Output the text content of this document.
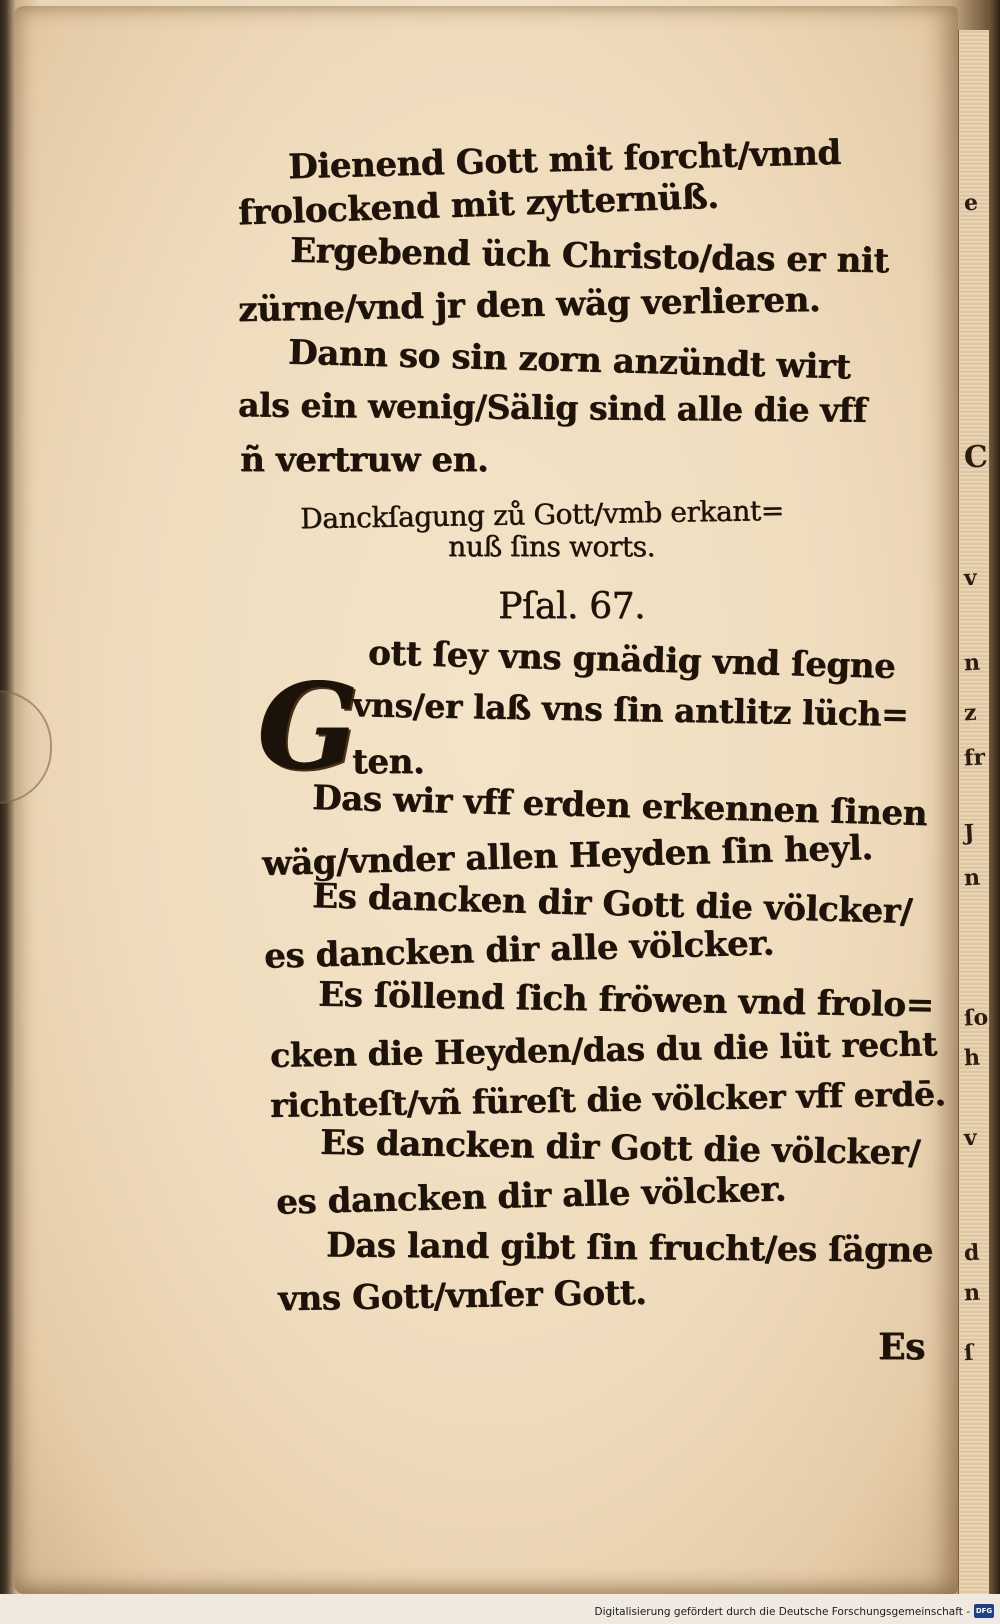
e
C
v
n
z
fr
J
n
ſo
h
v
d
n
ſ
Dienend Gott mit forcht/vnnd
frolockend mit zytternüß.
Ergebend üch Christo/das er nit
zürne/vnd jr den wäg verlieren.
Dann so sin zorn anzündt wirt
als ein wenig/Sälig sind alle die vff
ñ vertruw en.
Danckſagung zů Gott/vmb erkant=
nuß ſins worts.
Pſal. 67.
G ott ſey vns gnädig vnd ſegne
vns/er laß vns ſin antlitz lüch=
ten.
Das wir vff erden erkennen ſinen
wäg/vnder allen Heyden ſin heyl.
Es dancken dir Gott die völcker/
es dancken dir alle völcker.
Es ſöllend ſich fröwen vnd frolo=
cken die Heyden/das du die lüt recht
richteſt/vñ füreſt die völcker vff erdē.
Es dancken dir Gott die völcker/
es dancken dir alle völcker.
Das land gibt ſin frucht/es ſägne
vns Gott/vnſer Gott.
Es
Digitalisierung gefördert durch die Deutsche Forschungsgemeinschaft - DFG
